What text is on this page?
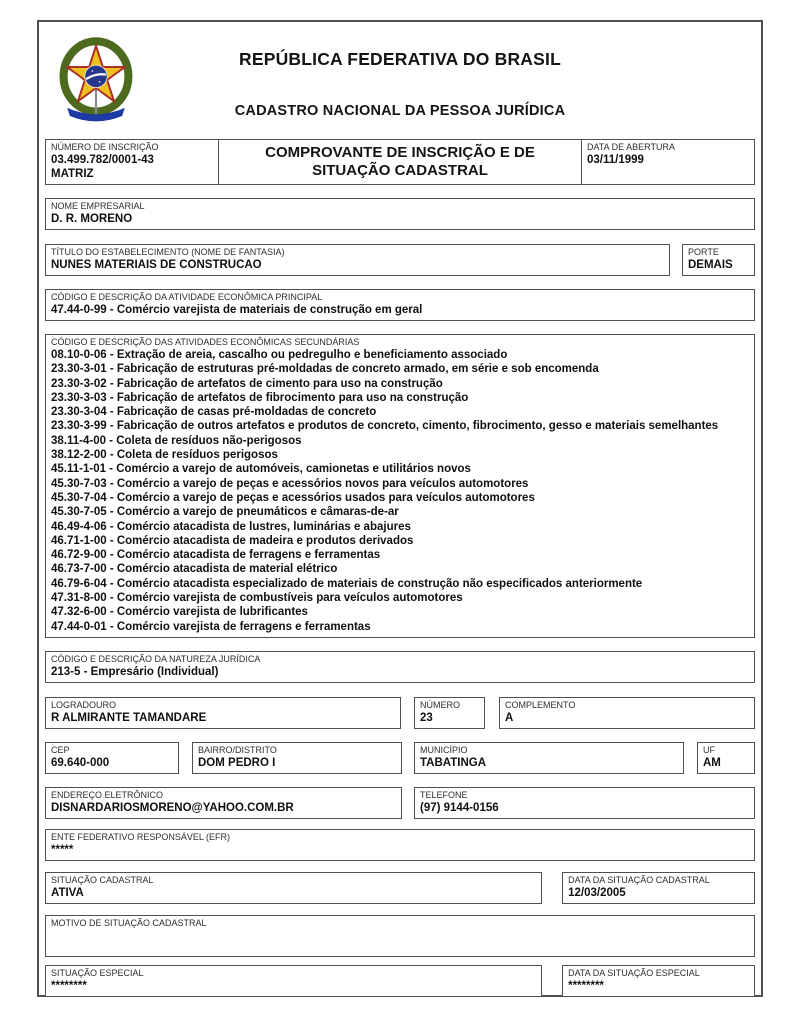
REPÚBLICA FEDERATIVA DO BRASIL
CADASTRO NACIONAL DA PESSOA JURÍDICA
NÚMERO DE INSCRIÇÃO
03.499.782/0001-43
MATRIZ
COMPROVANTE DE INSCRIÇÃO E DE SITUAÇÃO CADASTRAL
DATA DE ABERTURA
03/11/1999
NOME EMPRESARIAL
D. R. MORENO
TÍTULO DO ESTABELECIMENTO (NOME DE FANTASIA)
NUNES MATERIAIS DE CONSTRUCAO
PORTE
DEMAIS
CÓDIGO E DESCRIÇÃO DA ATIVIDADE ECONÔMICA PRINCIPAL
47.44-0-99 - Comércio varejista de materiais de construção em geral
CÓDIGO E DESCRIÇÃO DAS ATIVIDADES ECONÔMICAS SECUNDÁRIAS
08.10-0-06 - Extração de areia, cascalho ou pedregulho e beneficiamento associado
23.30-3-01 - Fabricação de estruturas pré-moldadas de concreto armado, em série e sob encomenda
23.30-3-02 - Fabricação de artefatos de cimento para uso na construção
23.30-3-03 - Fabricação de artefatos de fibrocimento para uso na construção
23.30-3-04 - Fabricação de casas pré-moldadas de concreto
23.30-3-99 - Fabricação de outros artefatos e produtos de concreto, cimento, fibrocimento, gesso e materiais semelhantes
38.11-4-00 - Coleta de resíduos não-perigosos
38.12-2-00 - Coleta de resíduos perigosos
45.11-1-01 - Comércio a varejo de automóveis, camionetas e utilitários novos
45.30-7-03 - Comércio a varejo de peças e acessórios novos para veículos automotores
45.30-7-04 - Comércio a varejo de peças e acessórios usados para veículos automotores
45.30-7-05 - Comércio a varejo de pneumáticos e câmaras-de-ar
46.49-4-06 - Comércio atacadista de lustres, luminárias e abajures
46.71-1-00 - Comércio atacadista de madeira e produtos derivados
46.72-9-00 - Comércio atacadista de ferragens e ferramentas
46.73-7-00 - Comércio atacadista de material elétrico
46.79-6-04 - Comércio atacadista especializado de materiais de construção não especificados anteriormente
47.31-8-00 - Comércio varejista de combustíveis para veículos automotores
47.32-6-00 - Comércio varejista de lubrificantes
47.44-0-01 - Comércio varejista de ferragens e ferramentas
CÓDIGO E DESCRIÇÃO DA NATUREZA JURÍDICA
213-5 - Empresário (Individual)
LOGRADOURO
R ALMIRANTE TAMANDARE
NÚMERO
23
COMPLEMENTO
A
CEP
69.640-000
BAIRRO/DISTRITO
DOM PEDRO I
MUNICÍPIO
TABATINGA
UF
AM
ENDEREÇO ELETRÔNICO
DISNARDARIOSMORENO@YAHOO.COM.BR
TELEFONE
(97) 9144-0156
ENTE FEDERATIVO RESPONSÁVEL (EFR)
*****
SITUAÇÃO CADASTRAL
ATIVA
DATA DA SITUAÇÃO CADASTRAL
12/03/2005
MOTIVO DE SITUAÇÃO CADASTRAL
SITUAÇÃO ESPECIAL
********
DATA DA SITUAÇÃO ESPECIAL
********
